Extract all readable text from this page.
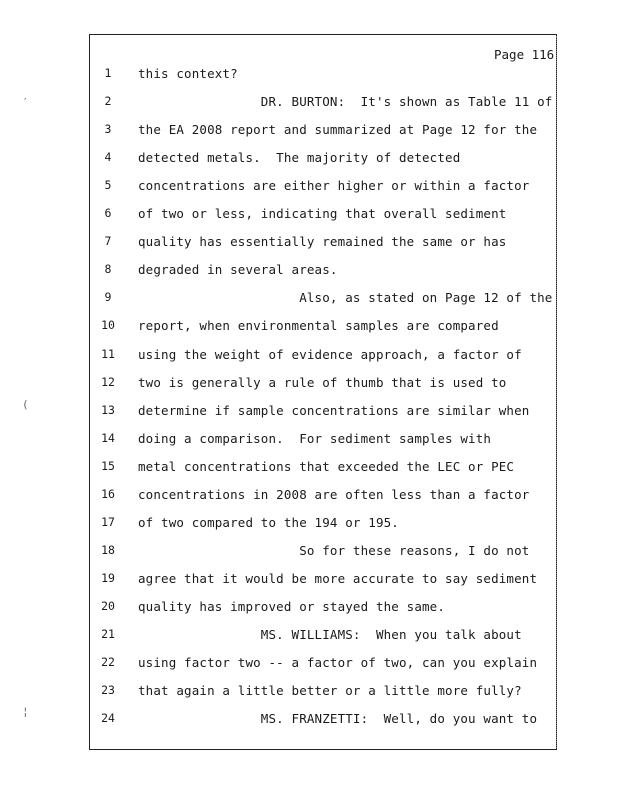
Page 116
1	this context?
2	DR. BURTON:  It's shown as Table 11 of
3	the EA 2008 report and summarized at Page 12 for the
4	detected metals.  The majority of detected
5	concentrations are either higher or within a factor
6	of two or less, indicating that overall sediment
7	quality has essentially remained the same or has
8	degraded in several areas.
9	Also, as stated on Page 12 of the
10	report, when environmental samples are compared
11	using the weight of evidence approach, a factor of
12	two is generally a rule of thumb that is used to
13	determine if sample concentrations are similar when
14	doing a comparison.  For sediment samples with
15	metal concentrations that exceeded the LEC or PEC
16	concentrations in 2008 are often less than a factor
17	of two compared to the 194 or 195.
18	So for these reasons, I do not
19	agree that it would be more accurate to say sediment
20	quality has improved or stayed the same.
21	MS. WILLIAMS:  When you talk about
22	using factor two -- a factor of two, can you explain
23	that again a little better or a little more fully?
24	MS. FRANZETTI:  Well, do you want to
′
(
¦
